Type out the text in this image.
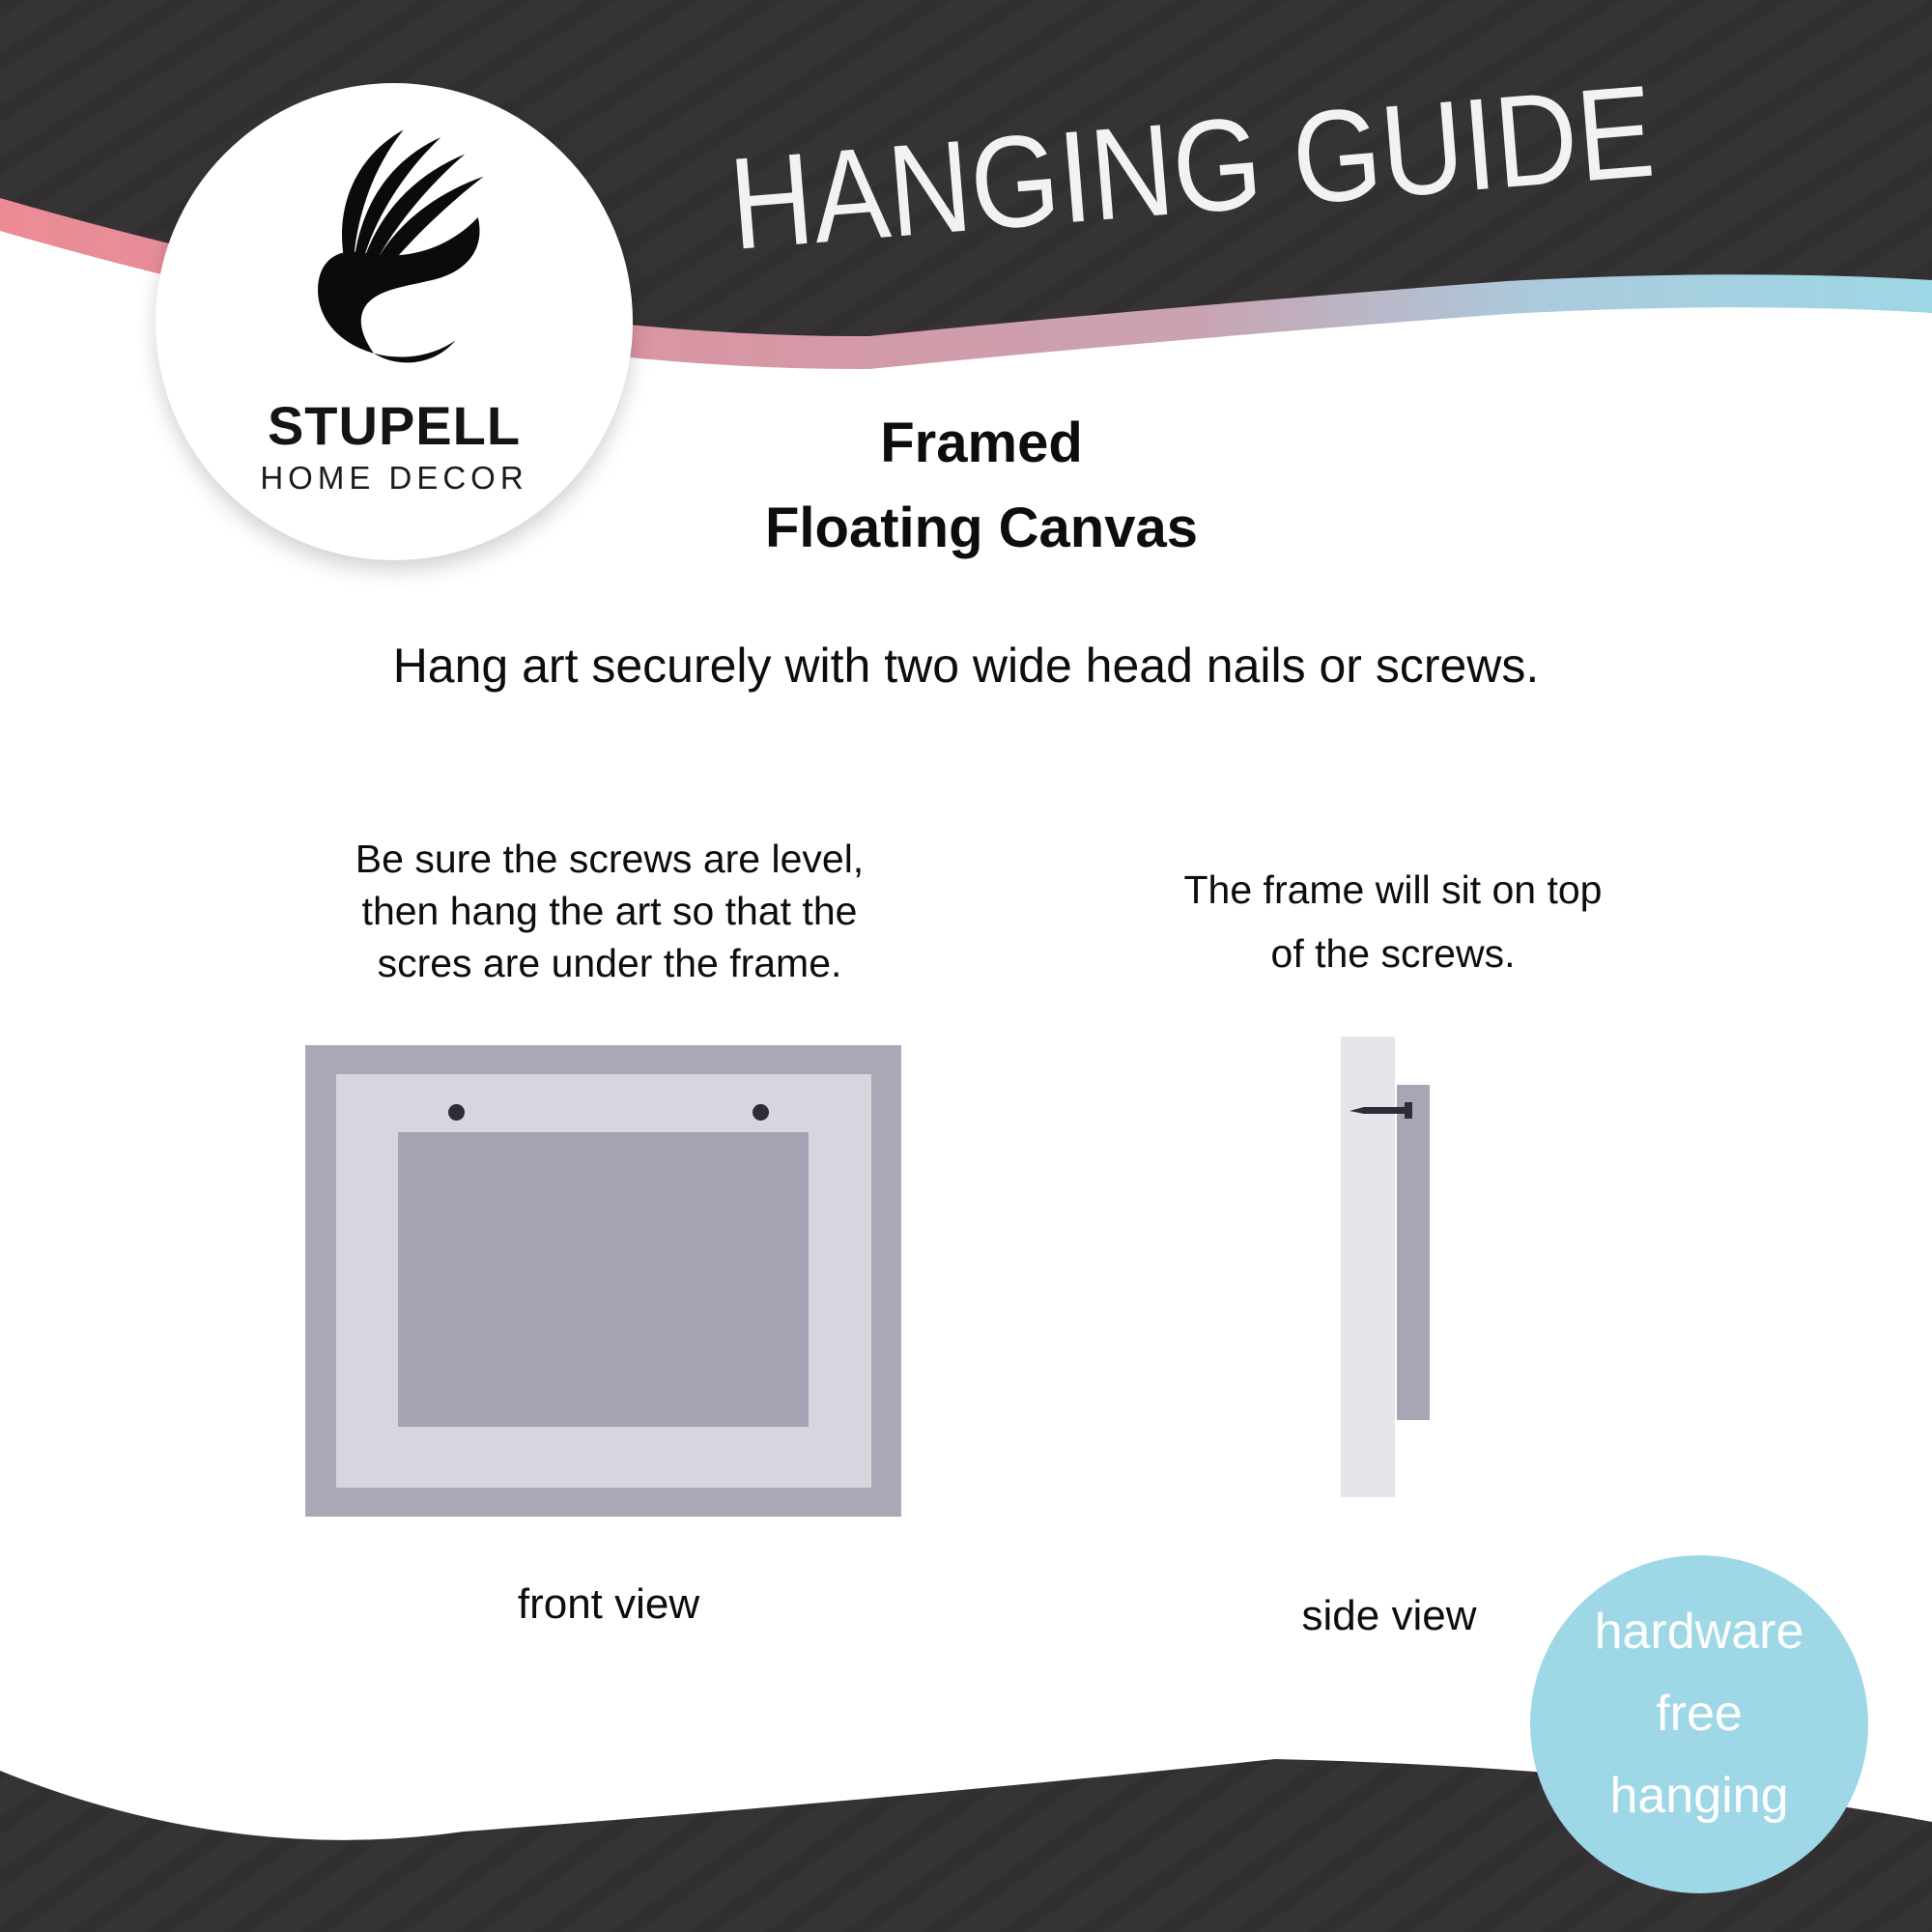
HANGING GUIDE
STUPELL
HOME DECOR
Framed
Floating Canvas
Hang art securely with two wide head nails or screws.
Be sure the screws are level,
then hang the art so that the
scres are under the frame.
The frame will sit on top
of the screws.
front view	side view	hardware
free
hanging
